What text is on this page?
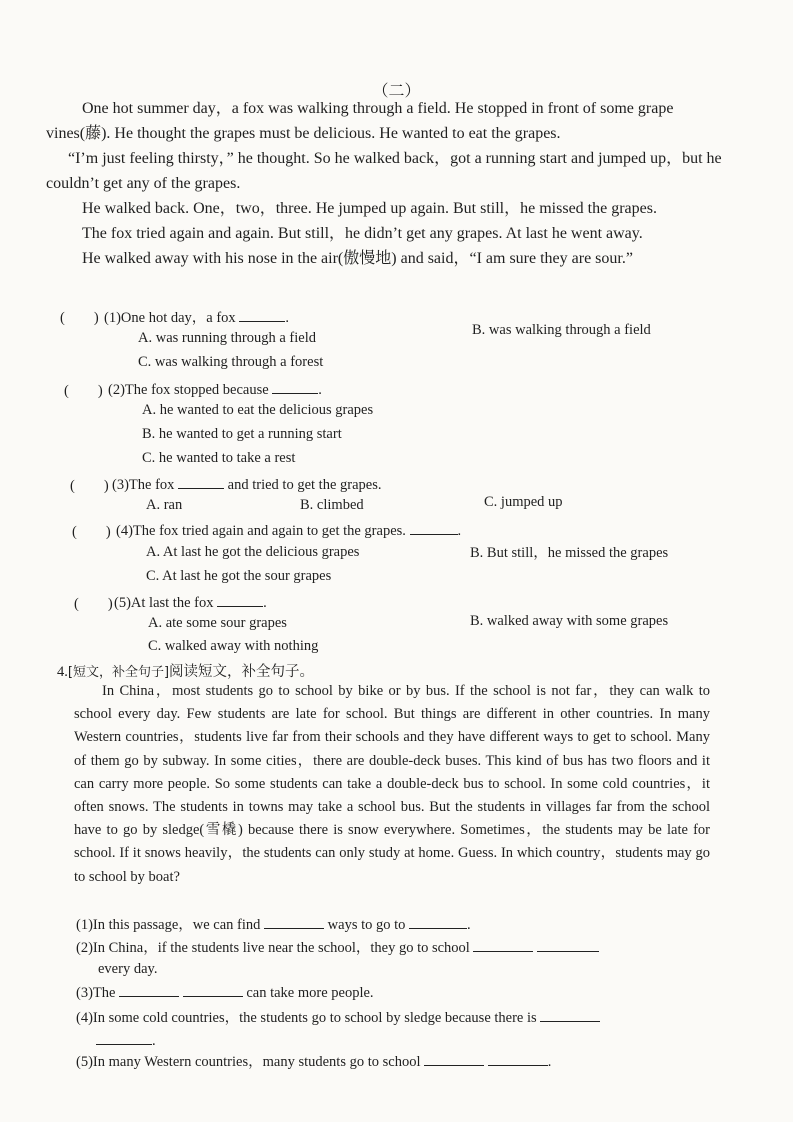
（二）

One hot summer day，a fox was walking through a field. He stopped in front of some grape vines(藤). He thought the grapes must be delicious. He wanted to eat the grapes.

“I’m just feeling thirsty，” he thought. So he walked back，got a running start and jumped up，but he couldn’t get any of the grapes.

He walked back. One，two，three. He jumped up again. But still，he missed the grapes.

The fox tried again and again. But still，he didn’t get any grapes. At last he went away.

He walked away with his nose in the air(傲慢地) and said，“I am sure they are sour.”

(　　) (1)One hot day，a fox	.
A. was running through a field	B. was walking through a field
C. was walking through a forest
(　　) (2)The fox stopped because	.
A. he wanted to eat the delicious grapes
B. he wanted to get a running start
C. he wanted to take a rest
(　　) (3)The fox	and tried to get the grapes.
A. ran	B. climbed	C. jumped up
(　　) (4)The fox tried again and again to get the grapes.	.
A. At last he got the delicious grapes	B. But still，he missed the grapes
C. At last he got the sour grapes
(　　) (5)At last the fox	.
A. ate some sour grapes	B. walked away with some grapes
C. walked away with nothing
4.[短文，补全句子]阅读短文，补全句子。

In China，most students go to school by bike or by bus. If the school is not far，they can walk to school every day. Few students are late for school. But things are different in other countries. In many Western countries，students live far from their schools and they have different ways to get to school. Many of them go by subway. In some cities，there are double-deck buses. This kind of bus has two floors and it can carry more people. So some students can take a double-deck bus to school. In some cold countries，it often snows. The students in towns may take a school bus. But the students in villages far from the school have to go by sledge(雪橇) because there is snow everywhere. Sometimes，the students may be late for school. If it snows heavily，the students can only study at home. Guess. In which country，students may go to school by boat?

(1)In this passage，we can find	ways to go to	.
(2)In China，if the students live near the school，they go to school
every day.
(3)The	can take more people.
(4)In some cold countries，the students go to school by sledge because there is
.
(5)In many Western countries，many students go to school	.
